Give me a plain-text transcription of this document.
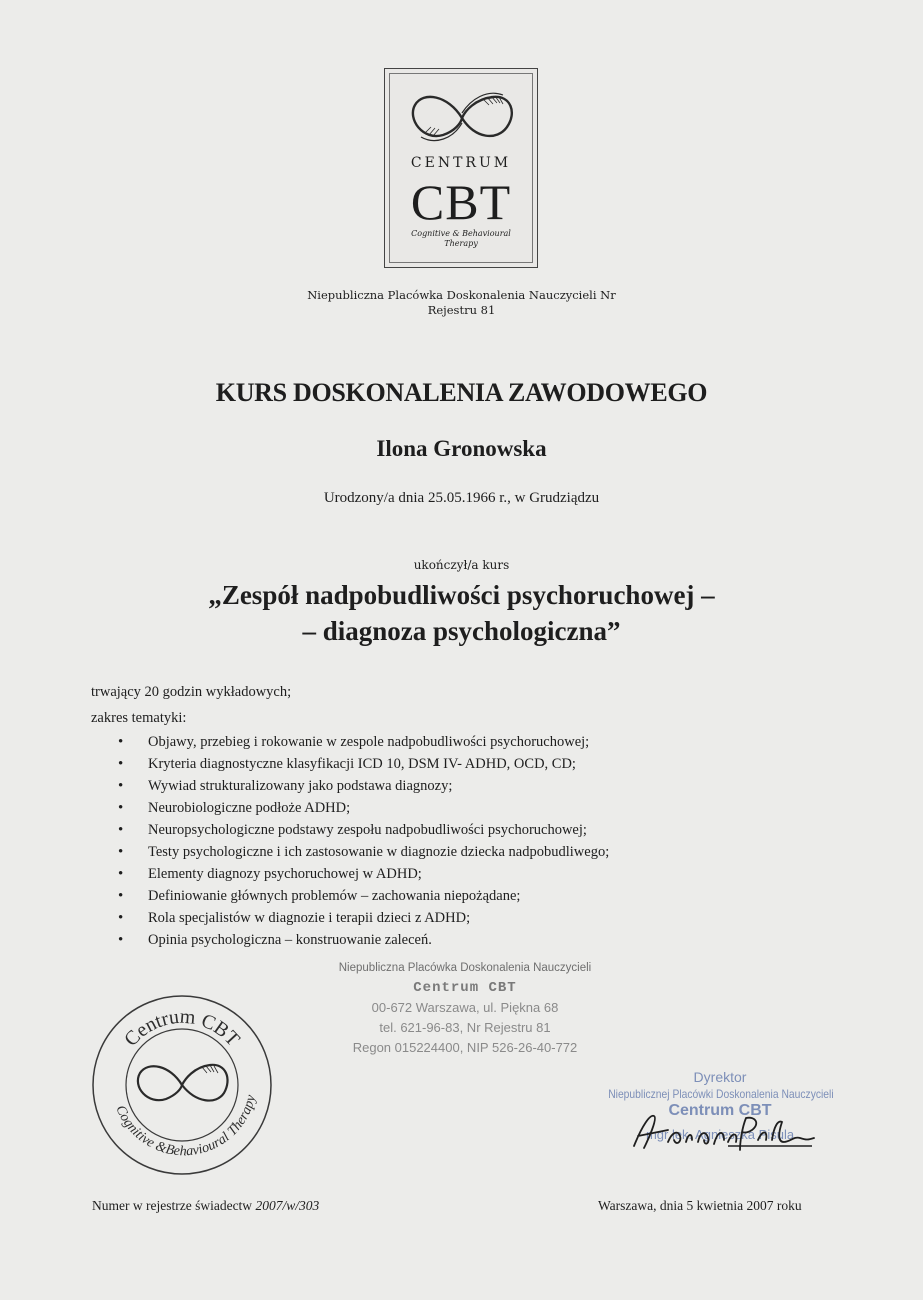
CENTRUM
CBT
Cognitive & Behavioural
Therapy
Niepubliczna Placówka Doskonalenia Nauczycieli Nr
Rejestru 81
KURS DOSKONALENIA ZAWODOWEGO
Ilona Gronowska
Urodzony/a dnia 25.05.1966 r., w Grudziądzu
ukończył/a kurs
„Zespół nadpobudliwości psychoruchowej –
– diagnoza psychologiczna”
trwający 20 godzin wykładowych;
zakres tematyki:
• Objawy, przebieg i rokowanie w zespole nadpobudliwości psychoruchowej;
• Kryteria diagnostyczne klasyfikacji ICD 10, DSM IV- ADHD, OCD, CD;
• Wywiad strukturalizowany jako podstawa diagnozy;
• Neurobiologiczne podłoże ADHD;
• Neuropsychologiczne podstawy zespołu nadpobudliwości psychoruchowej;
• Testy psychologiczne i ich zastosowanie w diagnozie dziecka nadpobudliwego;
• Elementy diagnozy psychoruchowej w ADHD;
• Definiowanie głównych problemów – zachowania niepożądane;
• Rola specjalistów w diagnozie i terapii dzieci z ADHD;
• Opinia psychologiczna – konstruowanie zaleceń.
Niepubliczna Placówka Doskonalenia Nauczycieli
Centrum CBT
00-672 Warszawa, ul. Piękna 68
tel. 621-96-83, Nr Rejestru 81
Regon 015224400, NIP 526-26-40-772
Centrum CBT
Cognitive &Behavioural Therapy
Dyrektor
Niepublicznej Placówki Doskonalenia Nauczycieli
Centrum CBT
mgr lek. Agnieszka Pisula
Numer w rejestrze świadectw 2007/w/303	Warszawa, dnia 5 kwietnia 2007 roku
